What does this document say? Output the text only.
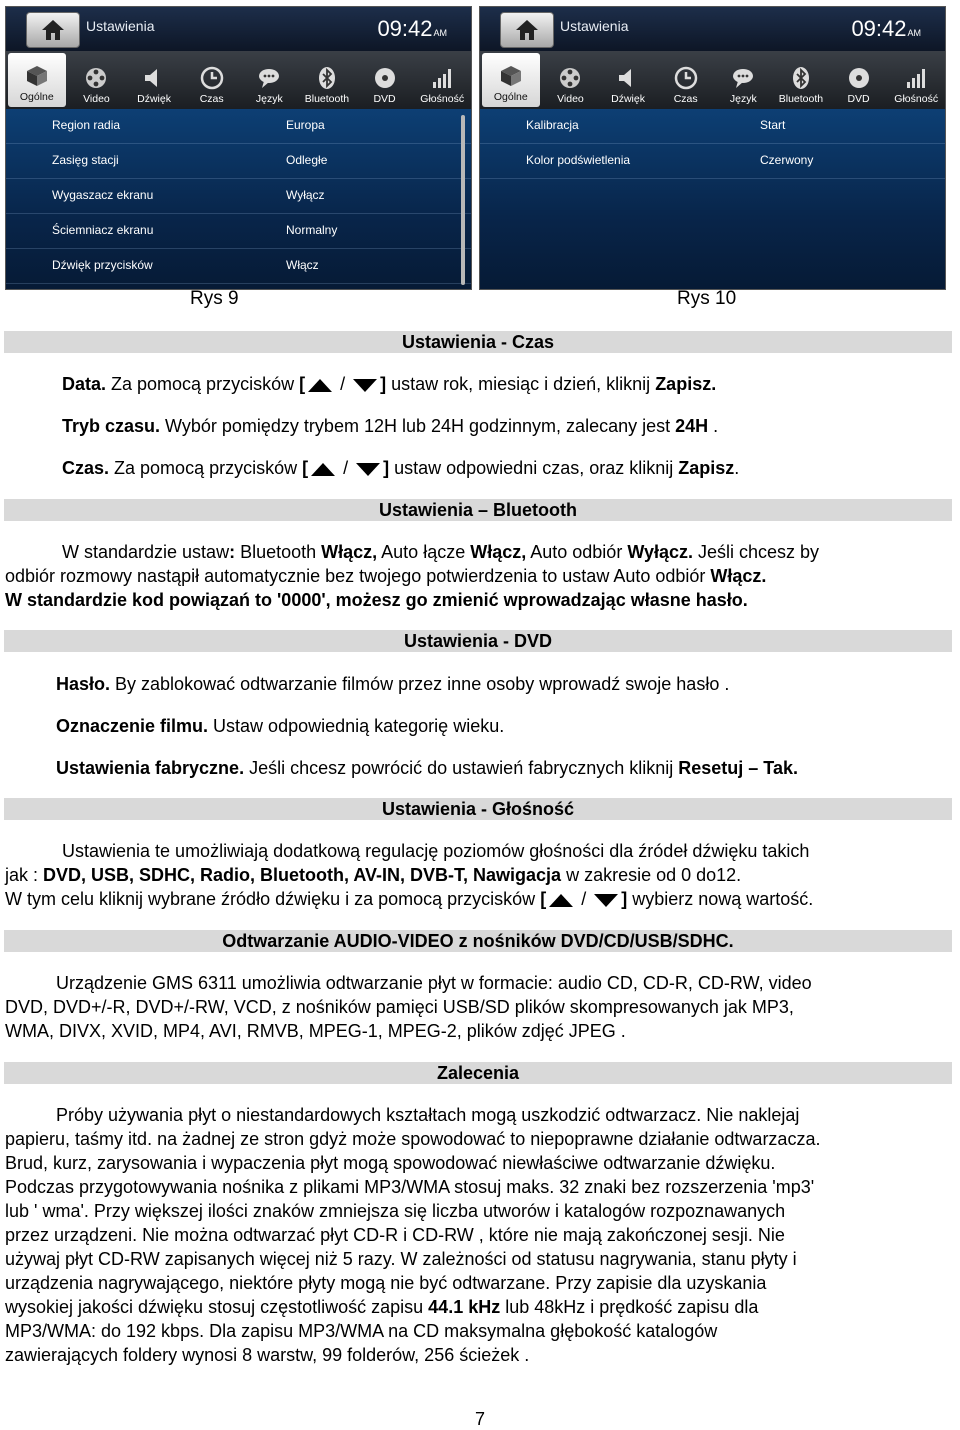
Ustawienia	09:42AM
Ogólne	Video	Dźwięk	Czas	Język Bluetooth DVD Głośność
Region radia	Europa
Zasięg stacji	Odległe
Wygaszacz ekranu	Wyłącz
Ściemniacz ekranu	Normalny
Dźwięk przycisków	Włącz
Ustawienia	09:42AM
Ogólne	Video	Dźwięk	Czas	Język Bluetooth DVD Głośność
Kalibracja	Start
Kolor podświetlenia	Czerwony
Rys 9	Rys 10
Ustawienia - Czas
Data. Za pomocą przycisków [ / ] ustaw rok, miesiąc i dzień, kliknij Zapisz.
Tryb czasu. Wybór pomiędzy trybem 12H lub 24H godzinnym, zalecany jest 24H .
Czas. Za pomocą przycisków [ / ] ustaw odpowiedni czas, oraz kliknij Zapisz.
Ustawienia – Bluetooth
W standardzie ustaw: Bluetooth Włącz, Auto łącze Włącz, Auto odbiór Wyłącz. Jeśli chcesz by
odbiór rozmowy nastąpił automatycznie bez twojego potwierdzenia to ustaw Auto odbiór Włącz.
W standardzie kod powiązań to '0000', możesz go zmienić wprowadzając własne hasło.
Ustawienia - DVD
Hasło. By zablokować odtwarzanie filmów przez inne osoby wprowadź swoje hasło .
Oznaczenie filmu. Ustaw odpowiednią kategorię wieku.
Ustawienia fabryczne. Jeśli chcesz powrócić do ustawień fabrycznych kliknij Resetuj – Tak.
Ustawienia - Głośność
Ustawienia te umożliwiają dodatkową regulację poziomów głośności dla źródeł dźwięku takich
jak : DVD, USB, SDHC, Radio, Bluetooth, AV-IN, DVB-T, Nawigacja w zakresie od 0 do12.
W tym celu kliknij wybrane źródło dźwięku i za pomocą przycisków [ / ] wybierz nową wartość.
Odtwarzanie AUDIO-VIDEO z nośników DVD/CD/USB/SDHC.
Urządzenie GMS 6311 umożliwia odtwarzanie płyt w formacie: audio CD, CD-R, CD-RW, video
DVD, DVD+/-R, DVD+/-RW, VCD, z nośników pamięci USB/SD plików skompresowanych jak MP3,
WMA, DIVX, XVID, MP4, AVI, RMVB, MPEG-1, MPEG-2, plików zdjęć JPEG .
Zalecenia
Próby używania płyt o niestandardowych kształtach mogą uszkodzić odtwarzacz. Nie naklejaj
papieru, taśmy itd. na żadnej ze stron gdyż może spowodować to niepoprawne działanie odtwarzacza.
Brud, kurz, zarysowania i wypaczenia płyt mogą spowodować niewłaściwe odtwarzanie dźwięku.
Podczas przygotowywania nośnika z plikami MP3/WMA stosuj maks. 32 znaki bez rozszerzenia 'mp3'
lub ' wma'. Przy większej ilości znaków zmniejsza się liczba utworów i katalogów rozpoznawanych
przez urządzeni. Nie można odtwarzać płyt CD-R i CD-RW , które nie mają zakończonej sesji. Nie
używaj płyt CD-RW zapisanych więcej niż 5 razy. W zależności od statusu nagrywania, stanu płyty i
urządzenia nagrywającego, niektóre płyty mogą nie być odtwarzane. Przy zapisie dla uzyskania
wysokiej jakości dźwięku stosuj częstotliwość zapisu 44.1 kHz lub 48kHz i prędkość zapisu dla
MP3/WMA: do 192 kbps. Dla zapisu MP3/WMA na CD maksymalna głębokość katalogów
zawierających foldery wynosi 8 warstw, 99 folderów, 256 ścieżek .
7
